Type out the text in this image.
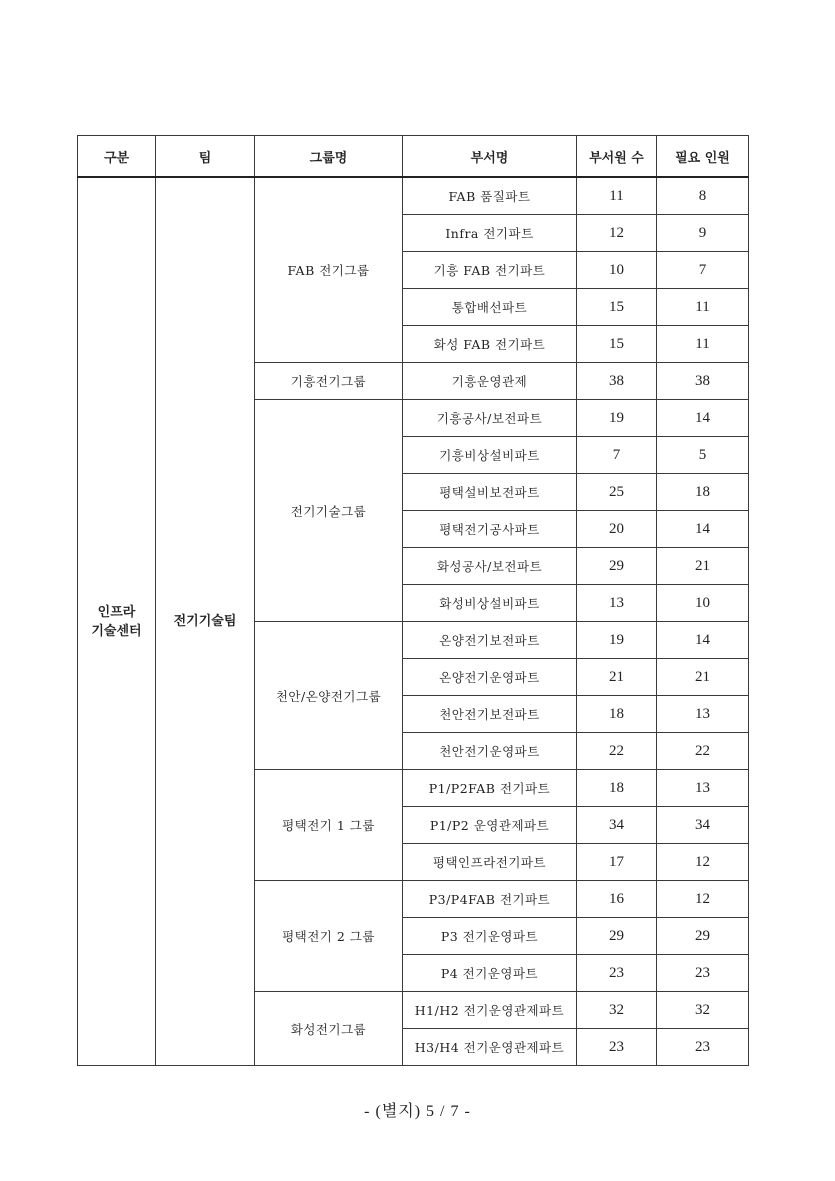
구분	팀	그룹명	부서명	부서원 수	필요 인원

인프라
기술센터	전기기술팀	FAB 전기그룹	FAB 품질파트	11	8
			Infra 전기파트	12	9
			기흥 FAB 전기파트	10	7
			통합배선파트	15	11
			화성 FAB 전기파트	15	11
		기흥전기그룹	기흥운영관제	38	38
		전기기술그룹	기흥공사/보전파트	19	14
			기흥비상설비파트	7	5
			평택설비보전파트	25	18
			평택전기공사파트	20	14
			화성공사/보전파트	29	21
			화성비상설비파트	13	10
		천안/온양전기그룹	온양전기보전파트	19	14
			온양전기운영파트	21	21
			천안전기보전파트	18	13
			천안전기운영파트	22	22
		평택전기 1 그룹	P1/P2FAB 전기파트	18	13
			P1/P2 운영관제파트	34	34
			평택인프라전기파트	17	12
		평택전기 2 그룹	P3/P4FAB 전기파트	16	12
			P3 전기운영파트	29	29
			P4 전기운영파트	23	23
		화성전기그룹	H1/H2 전기운영관제파트	32	32
			H3/H4 전기운영관제파트	23	23
- (별지) 5 / 7 -
